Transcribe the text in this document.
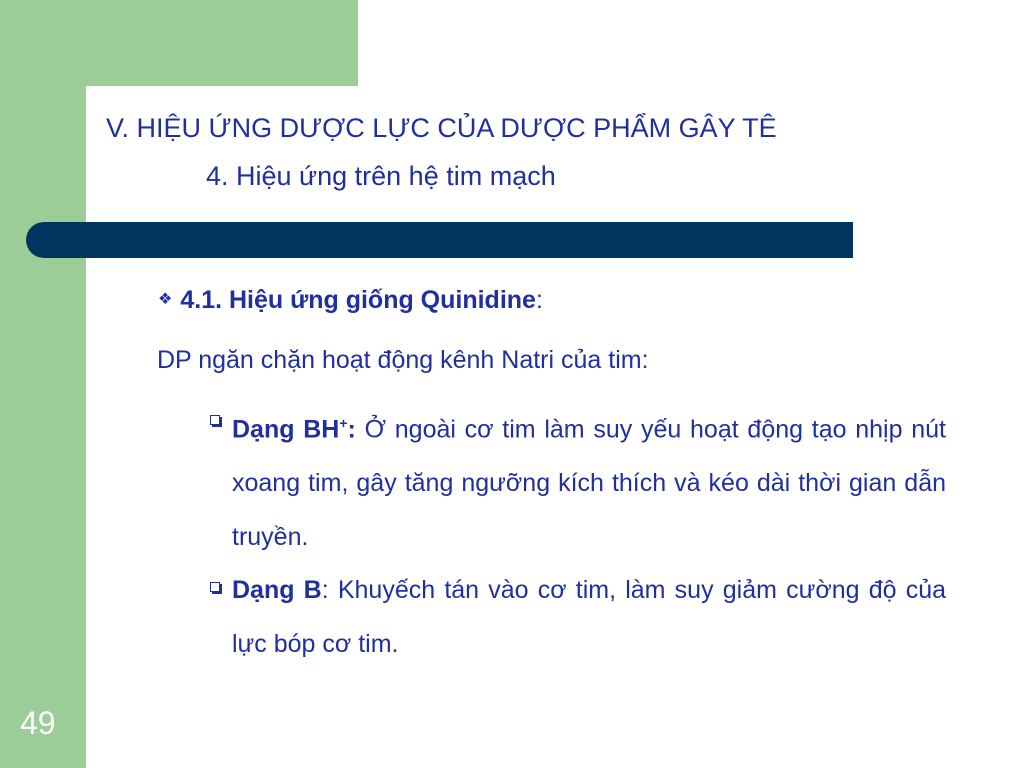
V. HIỆU ỨNG DƯỢC LỰC CỦA DƯỢC PHẨM GÂY TÊ
4. Hiệu ứng trên hệ tim mạch
49
❖ 4.1. Hiệu ứng giống Quinidine:
DP ngăn chặn hoạt động kênh Natri của tim:
Dạng BH+: Ở ngoài cơ tim làm suy yếu hoạt động tạo nhịp nút xoang tim, gây tăng ngưỡng kích thích và kéo dài thời gian dẫn truyền.
Dạng B: Khuyếch tán vào cơ tim, làm suy giảm cường độ của lực bóp cơ tim.
